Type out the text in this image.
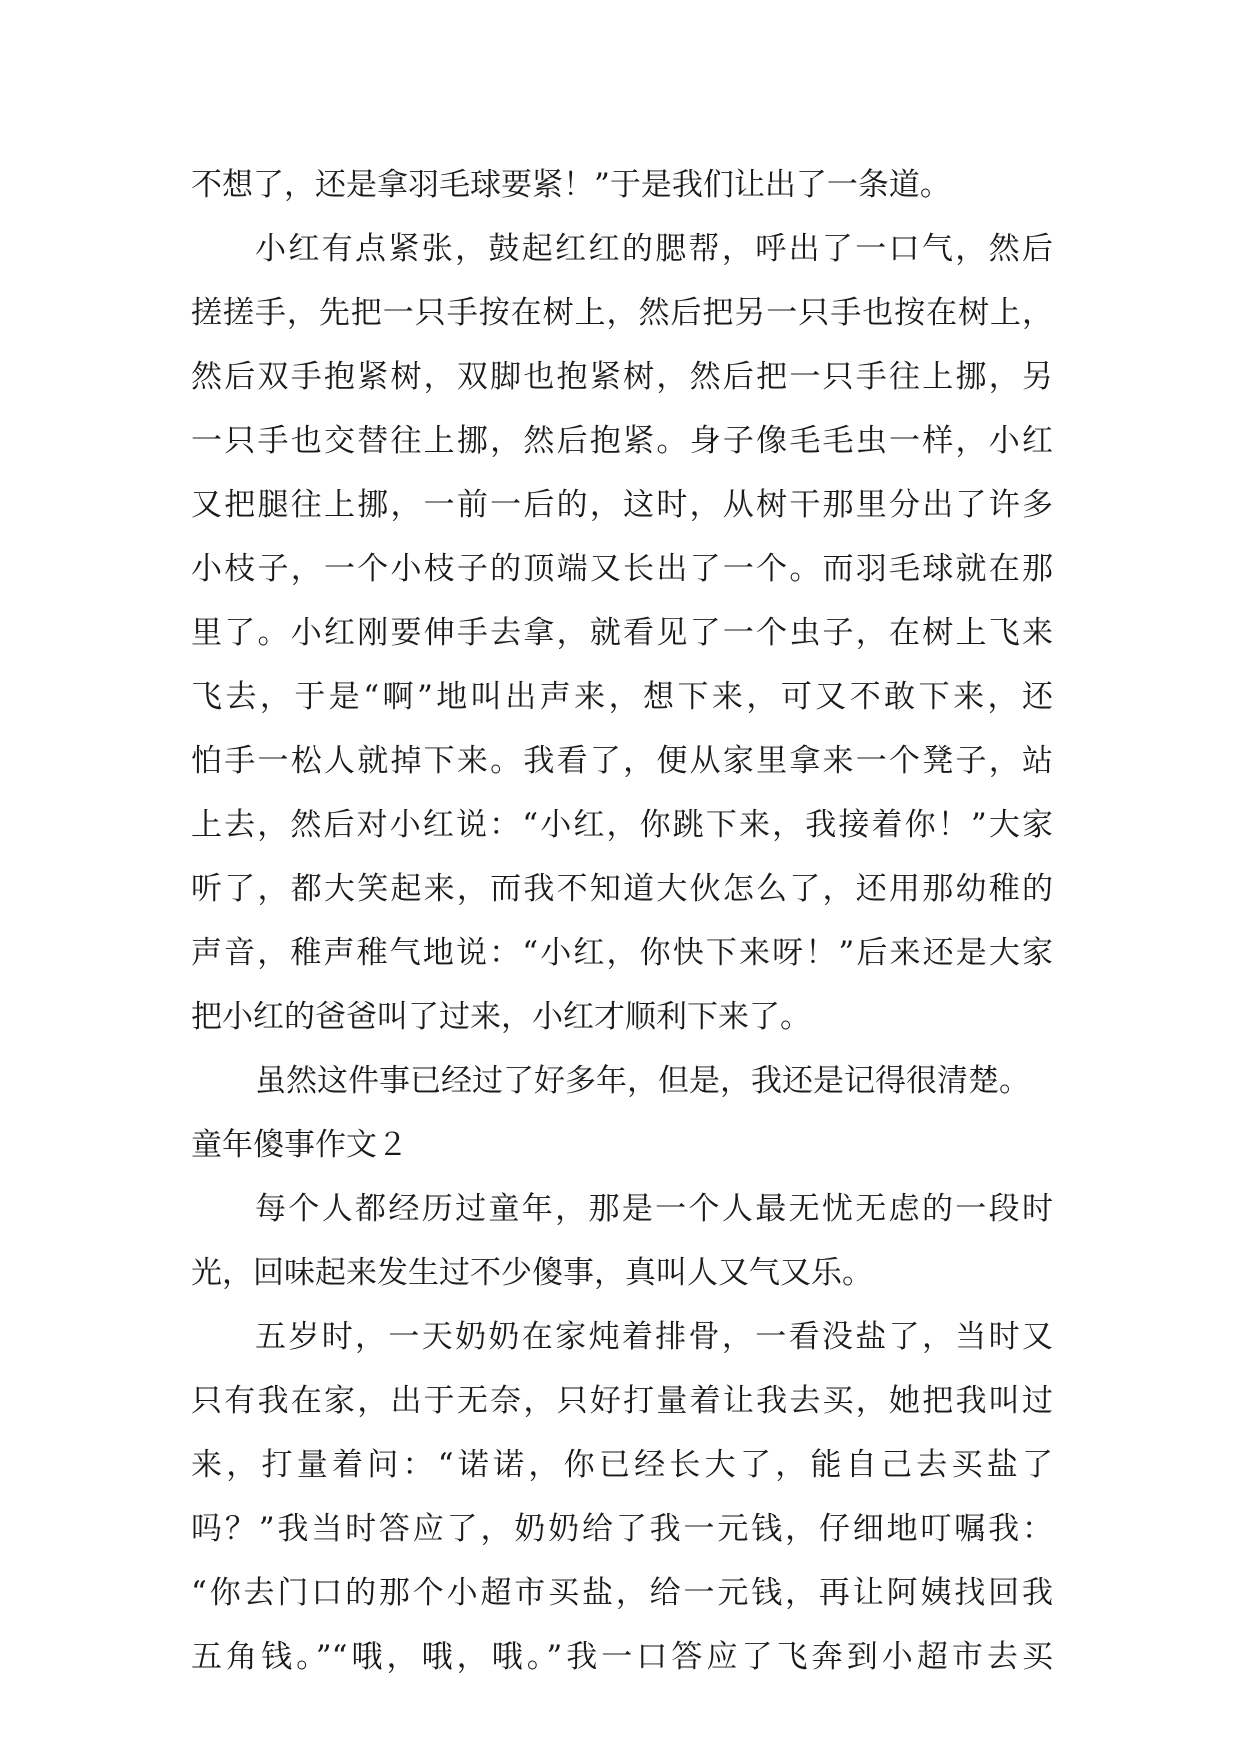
不想了，还是拿羽毛球要紧！”于是我们让出了一条道。
小红有点紧张，鼓起红红的腮帮，呼出了一口气，然后
搓搓手，先把一只手按在树上，然后把另一只手也按在树上，
然后双手抱紧树，双脚也抱紧树，然后把一只手往上挪，另
一只手也交替往上挪，然后抱紧。身子像毛毛虫一样，小红
又把腿往上挪，一前一后的，这时，从树干那里分出了许多
小枝子，一个小枝子的顶端又长出了一个。而羽毛球就在那
里了。小红刚要伸手去拿，就看见了一个虫子，在树上飞来
飞去，于是“啊”地叫出声来，想下来，可又不敢下来，还
怕手一松人就掉下来。我看了，便从家里拿来一个凳子，站
上去，然后对小红说：“小红，你跳下来，我接着你！”大家
听了，都大笑起来，而我不知道大伙怎么了，还用那幼稚的
声音，稚声稚气地说：“小红，你快下来呀！”后来还是大家
把小红的爸爸叫了过来，小红才顺利下来了。
虽然这件事已经过了好多年，但是，我还是记得很清楚。
童年傻事作文２
每个人都经历过童年，那是一个人最无忧无虑的一段时
光，回味起来发生过不少傻事，真叫人又气又乐。
五岁时，一天奶奶在家炖着排骨，一看没盐了，当时又
只有我在家，出于无奈，只好打量着让我去买，她把我叫过
来，打量着问：“诺诺，你已经长大了，能自己去买盐了
吗？”我当时答应了，奶奶给了我一元钱，仔细地叮嘱我：
“你去门口的那个小超市买盐，给一元钱，再让阿姨找回我
五角钱。”“哦，哦，哦。”我一口答应了飞奔到小超市去买
